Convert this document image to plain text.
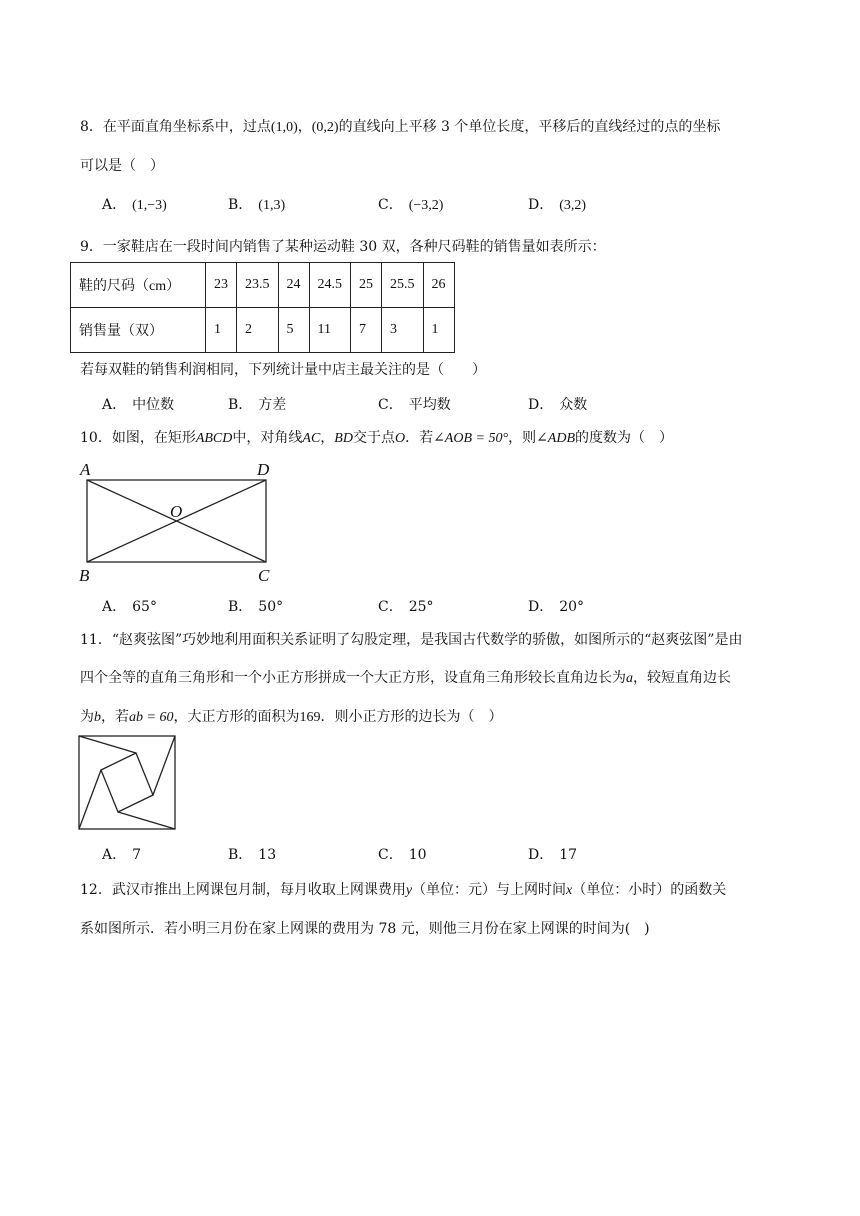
8．在平面直角坐标系中，过点(1,0)，(0,2)的直线向上平移 3 个单位长度，平移后的直线经过的点的坐标
可以是（　）
A． (1,−3)	B． (1,3)	C． (−3,2)	D． (3,2)
9．一家鞋店在一段时间内销售了某种运动鞋 30 双，各种尺码鞋的销售量如表所示：
鞋的尺码（cm）	23	23.5	24	24.5	25	25.5	26
销售量（双）	1	2	5	11	7	3	1
若每双鞋的销售利润相同，下列统计量中店主最关注的是（　　）
A． 中位数	B． 方差	C． 平均数	D． 众数
10．如图，在矩形ABCD中，对角线AC，BD交于点O．若∠AOB = 50°，则∠ADB的度数为（　）
A	D
O
B	C
A． 65°	B． 50°	C． 25°	D． 20°
11．“赵爽弦图”巧妙地利用面积关系证明了勾股定理，是我国古代数学的骄傲，如图所示的“赵爽弦图”是由
四个全等的直角三角形和一个小正方形拼成一个大正方形，设直角三角形较长直角边长为a，较短直角边长
为b，若ab = 60，大正方形的面积为169．则小正方形的边长为（　）
A． 7	B． 13	C． 10	D． 17
12．武汉市推出上网课包月制，每月收取上网课费用y（单位：元）与上网时间x（单位：小时）的函数关
系如图所示．若小明三月份在家上网课的费用为 78 元，则他三月份在家上网课的时间为(　)
